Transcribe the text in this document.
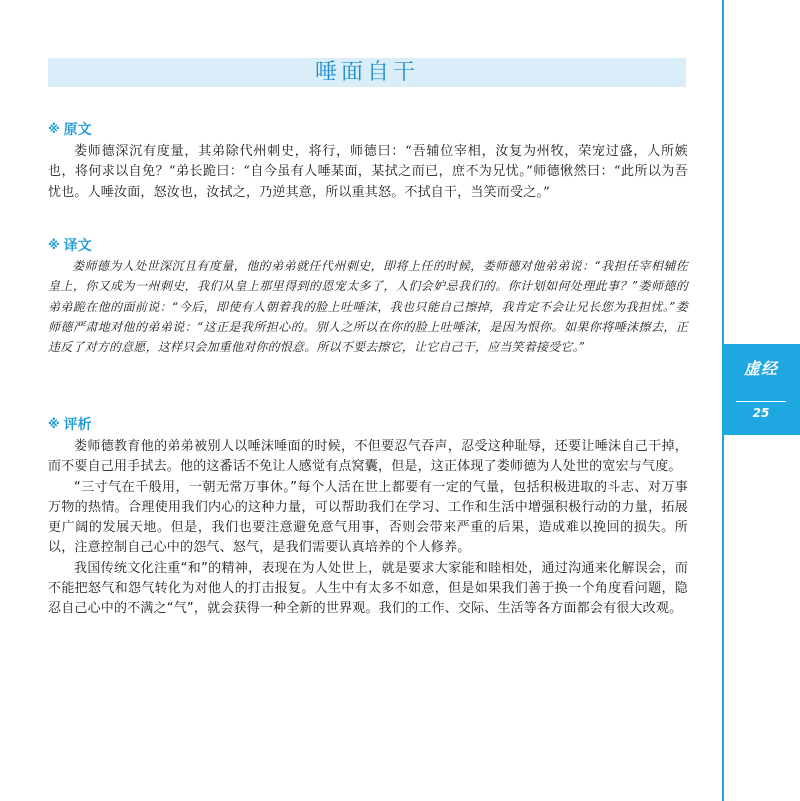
虚经
25
唾面自干
※ 原文

娄师德深沉有度量，其弟除代州刺史，将行，师德曰：“吾辅位宰相，汝复为州牧，荣宠过盛，人所嫉也，将何求以自免？”弟长跪曰：“自今虽有人唾某面，某拭之而已，庶不为兄忧。”师德愀然曰：“此所以为吾忧也。人唾汝面，怒汝也，汝拭之，乃逆其意，所以重其怒。不拭自干，当笑而受之。”

※ 译文

娄师德为人处世深沉且有度量，他的弟弟就任代州刺史，即将上任的时候，娄师德对他弟弟说：“我担任宰相辅佐皇上，你又成为一州刺史，我们从皇上那里得到的恩宠太多了，人们会妒忌我们的。你计划如何处理此事？”娄师德的弟弟跪在他的面前说：“今后，即使有人朝着我的脸上吐唾沫，我也只能自己擦掉，我肯定不会让兄长您为我担忧。”娄师德严肃地对他的弟弟说：“这正是我所担心的。别人之所以在你的脸上吐唾沫，是因为恨你。如果你将唾沫擦去，正违反了对方的意愿，这样只会加重他对你的恨意。所以不要去擦它，让它自己干，应当笑着接受它。”

※ 评析

娄师德教育他的弟弟被别人以唾沫唾面的时候，不但要忍气吞声，忍受这种耻辱，还要让唾沫自己干掉，而不要自己用手拭去。他的这番话不免让人感觉有点窝囊，但是，这正体现了娄师德为人处世的宽宏与气度。

“三寸气在千般用，一朝无常万事休。”每个人活在世上都要有一定的气量，包括积极进取的斗志、对万事万物的热情。合理使用我们内心的这种力量，可以帮助我们在学习、工作和生活中增强积极行动的力量，拓展更广阔的发展天地。但是，我们也要注意避免意气用事，否则会带来严重的后果，造成难以挽回的损失。所以，注意控制自己心中的怨气、怒气，是我们需要认真培养的个人修养。

我国传统文化注重“和”的精神，表现在为人处世上，就是要求大家能和睦相处，通过沟通来化解误会，而不能把怒气和怨气转化为对他人的打击报复。人生中有太多不如意，但是如果我们善于换一个角度看问题，隐忍自己心中的不满之“气”，就会获得一种全新的世界观。我们的工作、交际、生活等各方面都会有很大改观。
